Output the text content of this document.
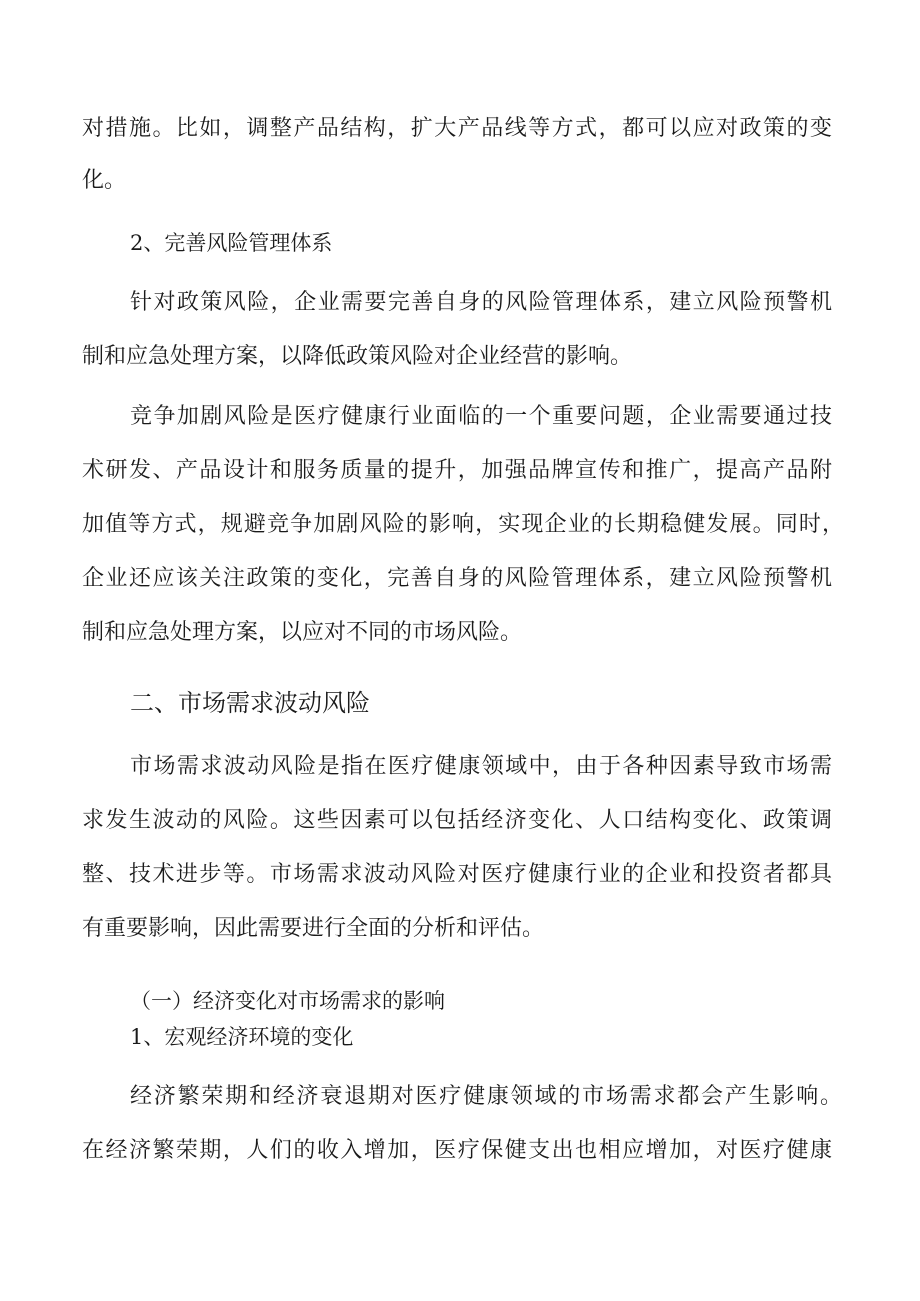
对措施。比如，调整产品结构，扩大产品线等方式，都可以应对政策的变
化。
2、完善风险管理体系
针对政策风险，企业需要完善自身的风险管理体系，建立风险预警机
制和应急处理方案，以降低政策风险对企业经营的影响。
竞争加剧风险是医疗健康行业面临的一个重要问题，企业需要通过技
术研发、产品设计和服务质量的提升，加强品牌宣传和推广，提高产品附
加值等方式，规避竞争加剧风险的影响，实现企业的长期稳健发展。同时，
企业还应该关注政策的变化，完善自身的风险管理体系，建立风险预警机
制和应急处理方案，以应对不同的市场风险。
二、市场需求波动风险
市场需求波动风险是指在医疗健康领域中，由于各种因素导致市场需
求发生波动的风险。这些因素可以包括经济变化、人口结构变化、政策调
整、技术进步等。市场需求波动风险对医疗健康行业的企业和投资者都具
有重要影响，因此需要进行全面的分析和评估。
（一）经济变化对市场需求的影响
1、宏观经济环境的变化
经济繁荣期和经济衰退期对医疗健康领域的市场需求都会产生影响。
在经济繁荣期，人们的收入增加，医疗保健支出也相应增加，对医疗健康
